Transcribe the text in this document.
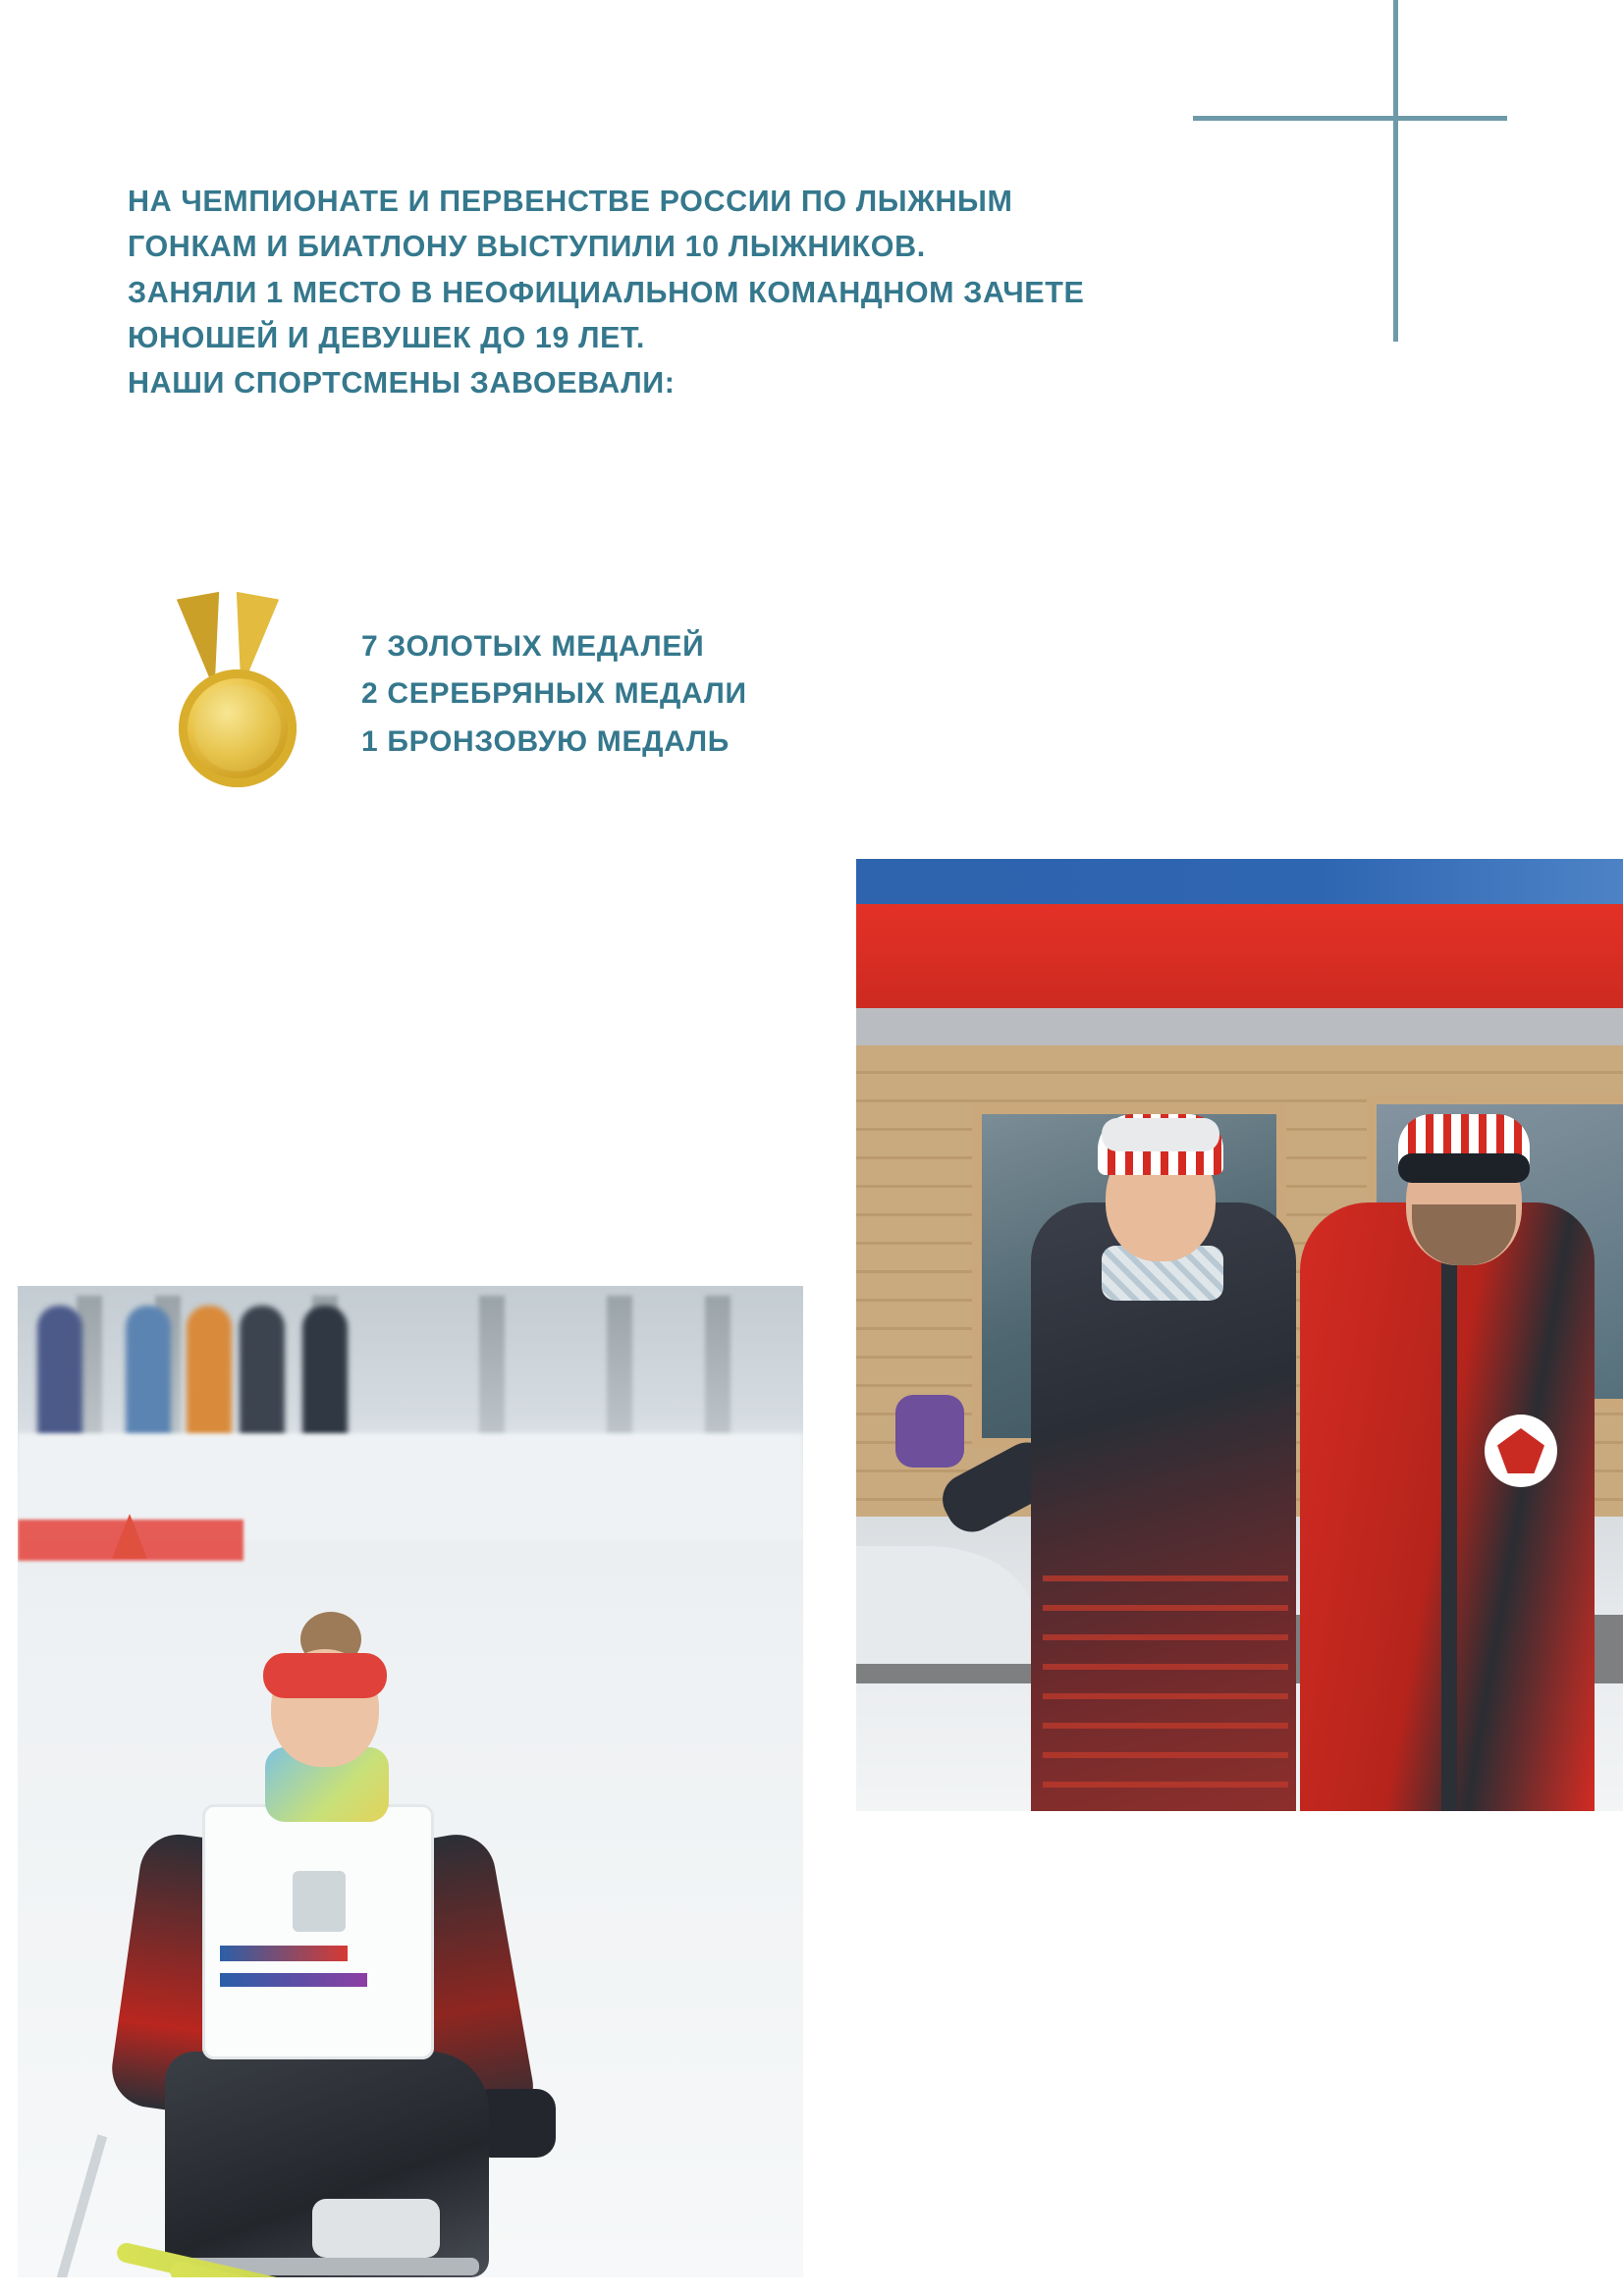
НА ЧЕМПИОНАТЕ И ПЕРВЕНСТВЕ РОССИИ ПО ЛЫЖНЫМ

ГОНКАМ И БИАТЛОНУ ВЫСТУПИЛИ 10 ЛЫЖНИКОВ.

ЗАНЯЛИ 1 МЕСТО В НЕОФИЦИАЛЬНОМ КОМАНДНОМ ЗАЧЕТЕ

ЮНОШЕЙ И ДЕВУШЕК ДО 19 ЛЕТ.

НАШИ СПОРТСМЕНЫ ЗАВОЕВАЛИ:

7 ЗОЛОТЫХ МЕДАЛЕЙ
2 СЕРЕБРЯНЫХ МЕДАЛИ
1 БРОНЗОВУЮ МЕДАЛЬ
